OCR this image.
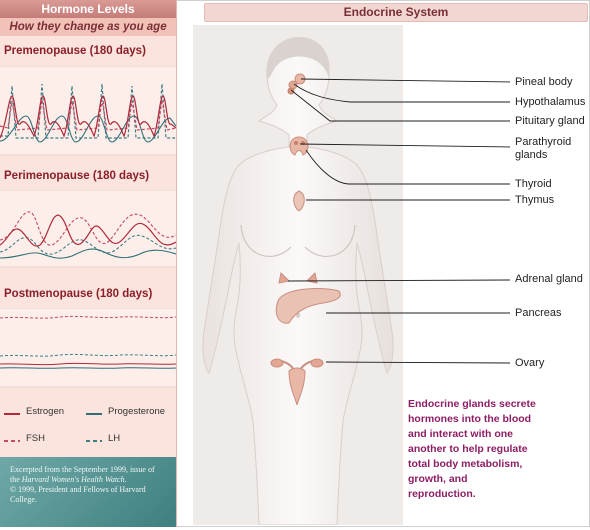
Hormone Levels
How they change as you age
Premenopause (180 days)
Perimenopause (180 days)
Postmenopause (180 days)
Estrogen	Progesterone
FSH	LH
Excerpted from the September 1999, issue of
the Harvard Women's Health Watch.
© 1999, President and Fellows of Harvard
College.
Endocrine System
Pineal body
Hypothalamus
Pituitary gland
Parathyroid glands
Thyroid
Thymus
Adrenal gland
Pancreas
Ovary
Endocrine glands secrete hormones into the blood and interact with one another to help regulate total body metabolism, growth, and reproduction.
